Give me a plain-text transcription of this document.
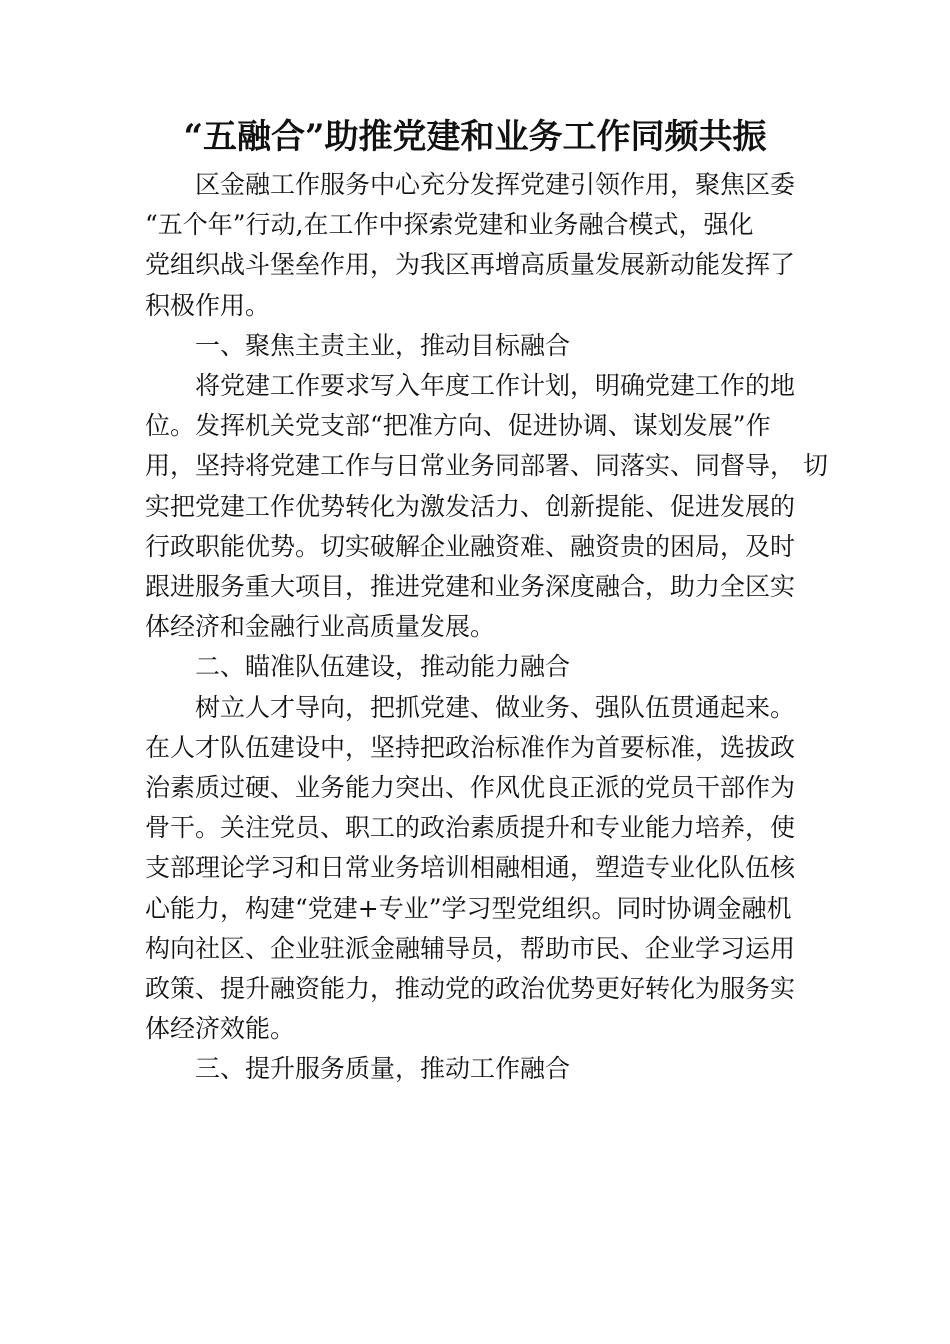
“五融合”助推党建和业务工作同频共振
区金融工作服务中心充分发挥党建引领作用，聚焦区委
“五个年”行动,在工作中探索党建和业务融合模式，强化
党组织战斗堡垒作用，为我区再增高质量发展新动能发挥了
积极作用。
一、聚焦主责主业，推动目标融合
将党建工作要求写入年度工作计划，明确党建工作的地
位。发挥机关党支部“把准方向、促进协调、谋划发展”作
用，坚持将党建工作与日常业务同部署、同落实、同督导， 切
实把党建工作优势转化为激发活力、创新提能、促进发展的
行政职能优势。切实破解企业融资难、融资贵的困局，及时
跟进服务重大项目，推进党建和业务深度融合，助力全区实
体经济和金融行业高质量发展。
二、瞄准队伍建设，推动能力融合
树立人才导向，把抓党建、做业务、强队伍贯通起来。
在人才队伍建设中，坚持把政治标准作为首要标准，选拔政
治素质过硬、业务能力突出、作风优良正派的党员干部作为
骨干。关注党员、职工的政治素质提升和专业能力培养，使
支部理论学习和日常业务培训相融相通，塑造专业化队伍核
心能力，构建“党建+专业”学习型党组织。同时协调金融机
构向社区、企业驻派金融辅导员，帮助市民、企业学习运用
政策、提升融资能力，推动党的政治优势更好转化为服务实
体经济效能。
三、提升服务质量，推动工作融合
